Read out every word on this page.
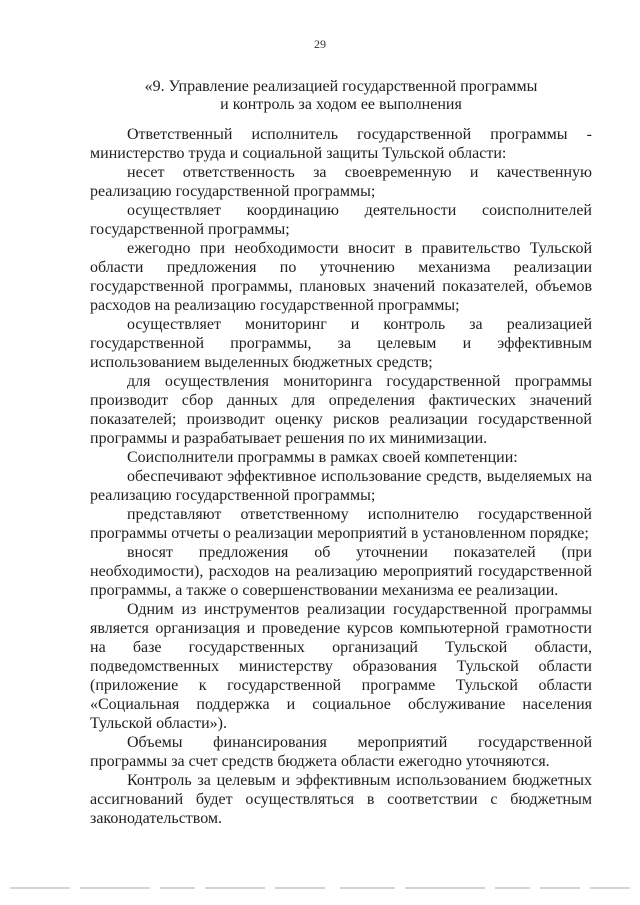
29
«9. Управление реализацией государственной программы
и контроль за ходом ее выполнения

Ответственный исполнитель государственной программы - министерство труда и социальной защиты Тульской области:

несет ответственность за своевременную и качественную реализацию государственной программы;

осуществляет координацию деятельности соисполнителей государственной программы;

ежегодно при необходимости вносит в правительство Тульской области предложения по уточнению механизма реализации государственной программы, плановых значений показателей, объемов расходов на реализацию государственной программы;

осуществляет мониторинг и контроль за реализацией государственной программы, за целевым и эффективным использованием выделенных бюджетных средств;

для осуществления мониторинга государственной программы производит сбор данных для определения фактических значений показателей; производит оценку рисков реализации государственной программы и разрабатывает решения по их минимизации.

Соисполнители программы в рамках своей компетенции:

обеспечивают эффективное использование средств, выделяемых на реализацию государственной программы;

представляют ответственному исполнителю государственной программы отчеты о реализации мероприятий в установленном порядке;

вносят предложения об уточнении показателей (при необходимости), расходов на реализацию мероприятий государственной программы, а также о совершенствовании механизма ее реализации.

Одним из инструментов реализации государственной программы является организация и проведение курсов компьютерной грамотности на базе государственных организаций Тульской области, подведомственных министерству образования Тульской области (приложение к государственной программе Тульской области «Социальная поддержка и социальное обслуживание населения Тульской области»).

Объемы финансирования мероприятий государственной программы за счет средств бюджета области ежегодно уточняются.

Контроль за целевым и эффективным использованием бюджетных ассигнований будет осуществляться в соответствии с бюджетным законодательством.
